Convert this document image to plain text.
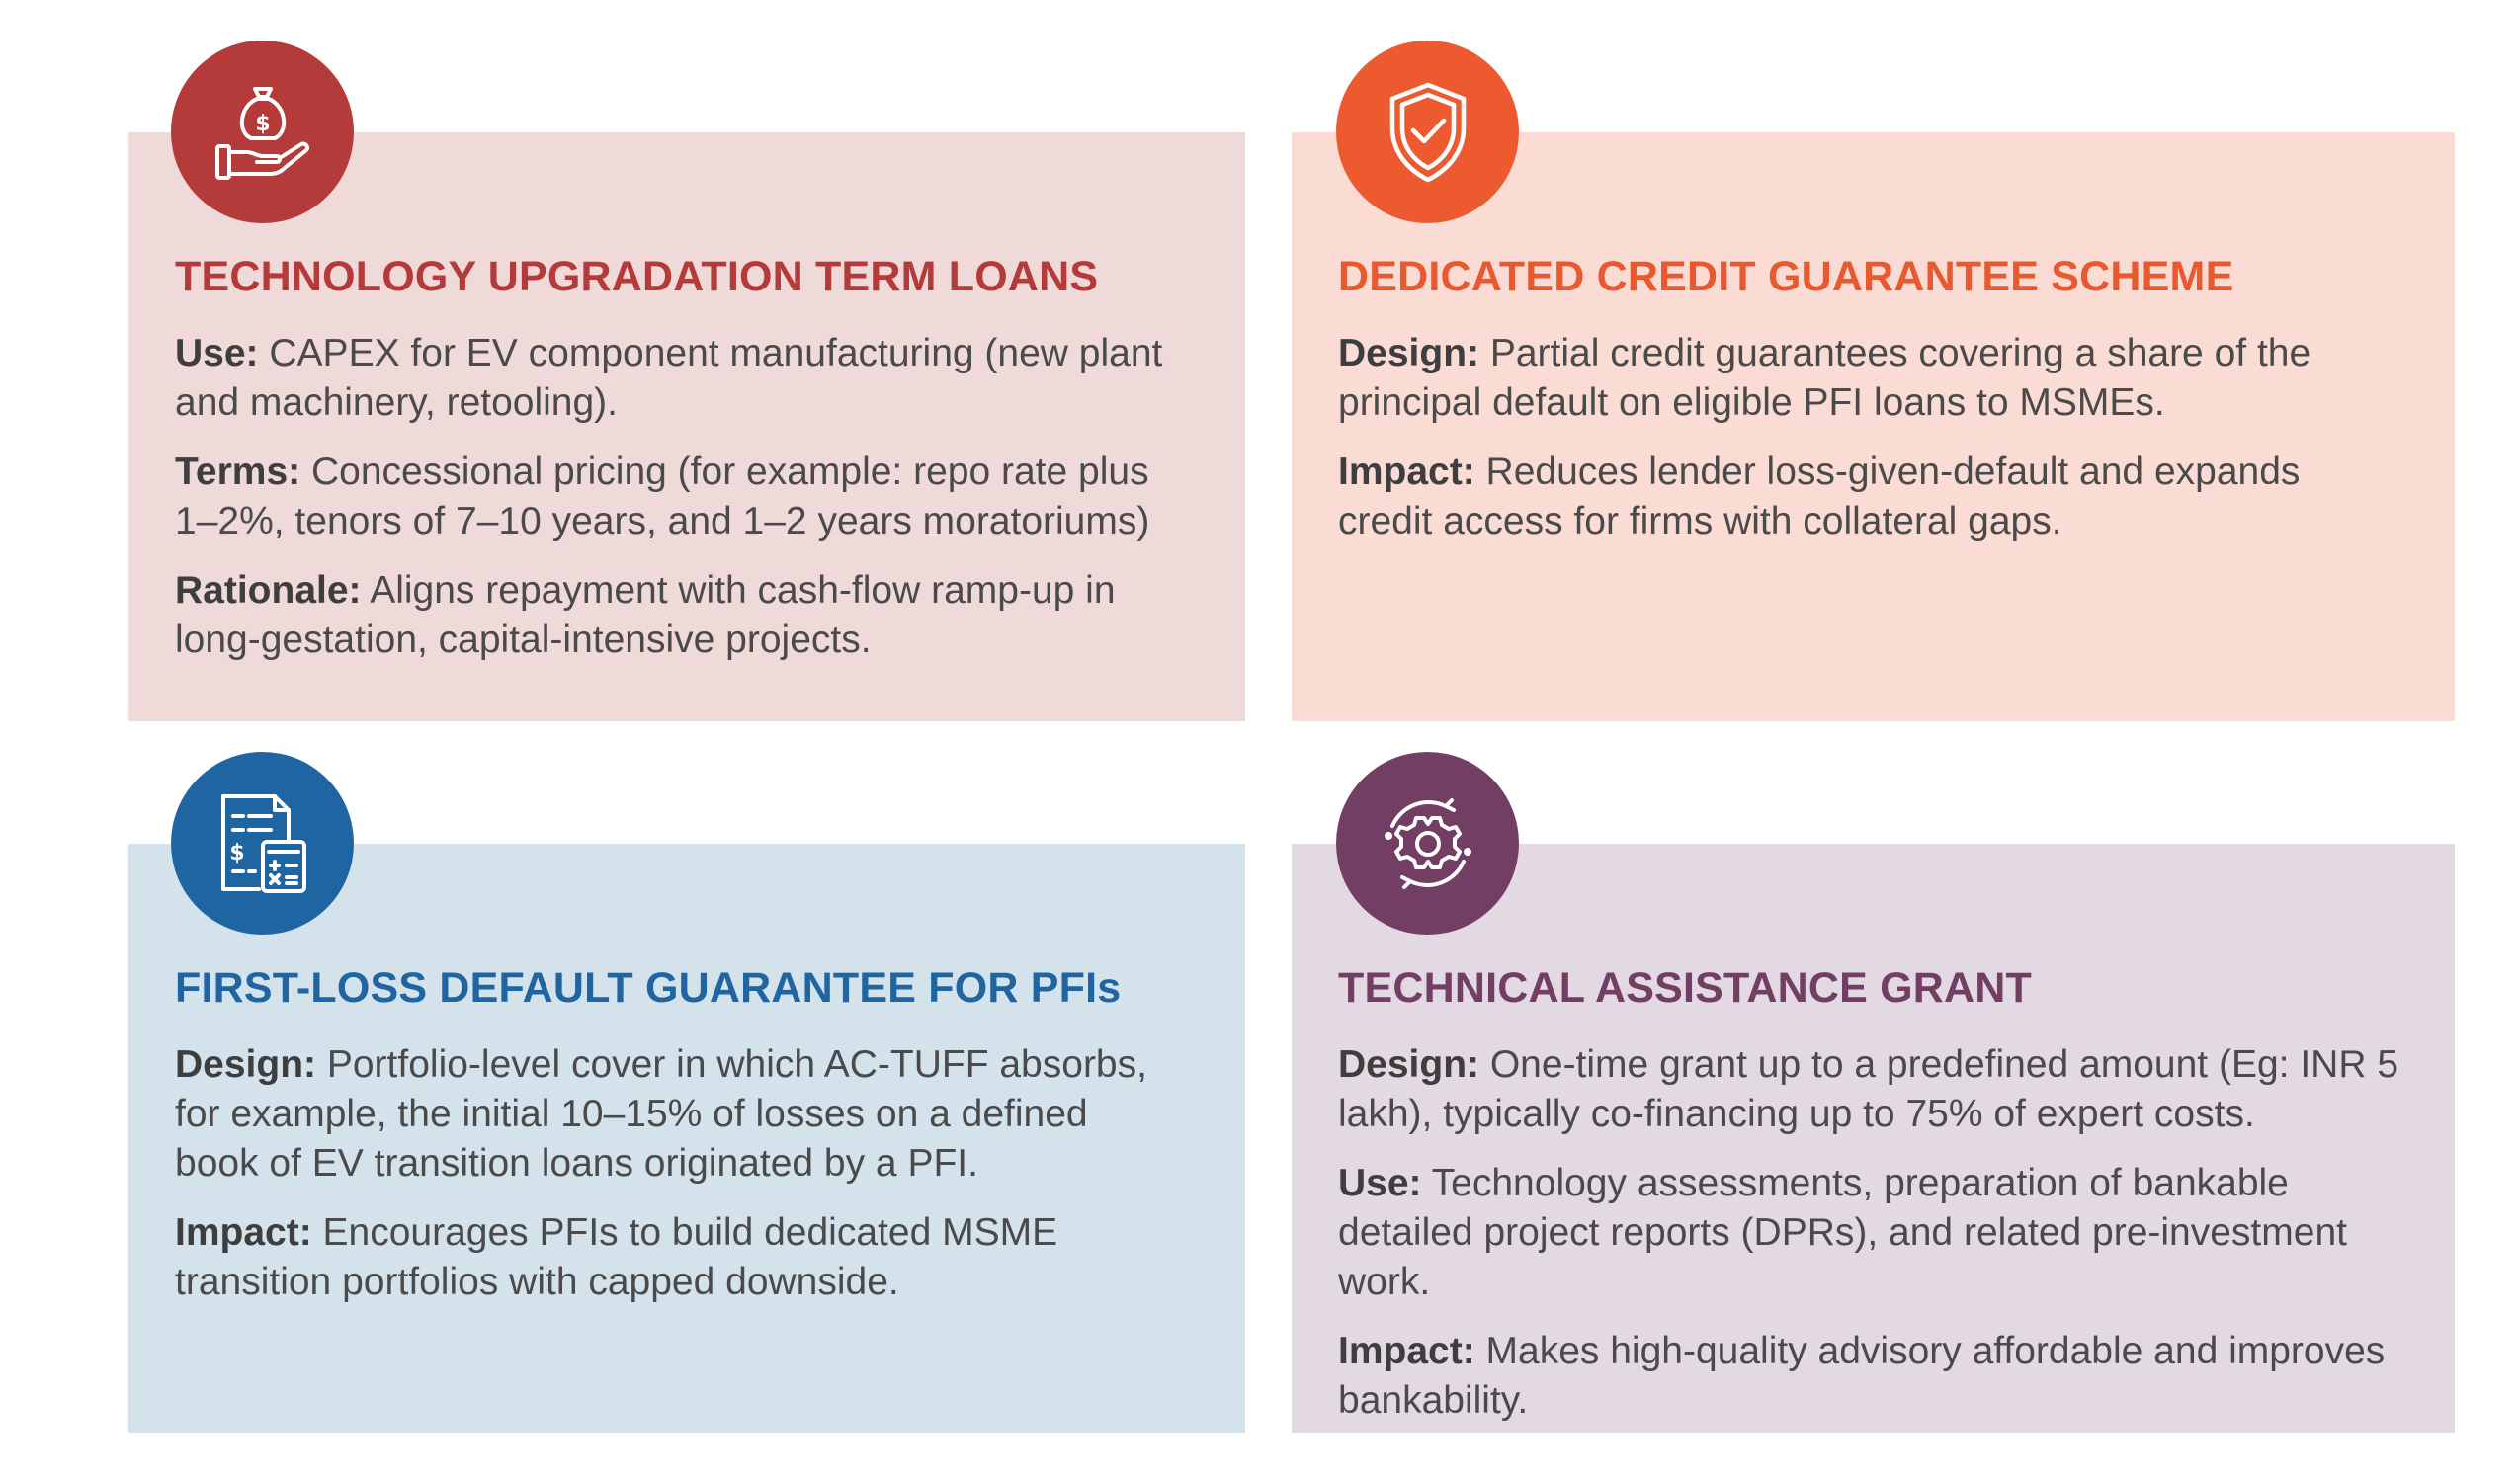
TECHNOLOGY UPGRADATION TERM LOANS

Use: CAPEX for EV component manufacturing (new plant and machinery, retooling).

Terms: Concessional pricing (for example: repo rate plus 1–2%, tenors of 7–10 years, and 1–2 years moratoriums)

Rationale: Aligns repayment with cash-flow ramp-up in long-gestation, capital-intensive projects.

DEDICATED CREDIT GUARANTEE SCHEME

Design: Partial credit guarantees covering a share of the principal default on eligible PFI loans to MSMEs.

Impact: Reduces lender loss-given-default and expands credit access for firms with collateral gaps.

FIRST-LOSS DEFAULT GUARANTEE FOR PFIs

Design: Portfolio-level cover in which AC-TUFF absorbs, for example, the initial 10–15% of losses on a defined book of EV transition loans originated by a PFI.

Impact: Encourages PFIs to build dedicated MSME transition portfolios with capped downside.

TECHNICAL ASSISTANCE GRANT

Design: One-time grant up to a predefined amount (Eg: INR 5 lakh), typically co-financing up to 75% of expert costs.

Use: Technology assessments, preparation of bankable detailed project reports (DPRs), and related pre-investment work.

Impact: Makes high-quality advisory affordable and improves bankability.

$
$
